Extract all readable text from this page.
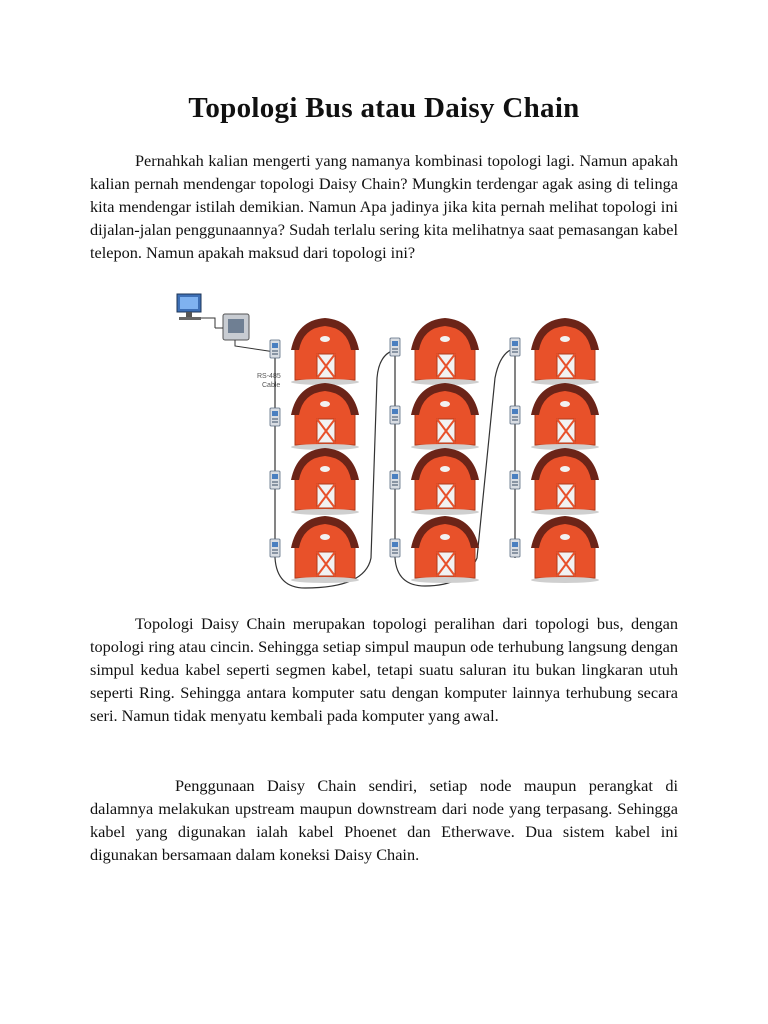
Topologi Bus atau Daisy Chain

Pernahkah kalian mengerti yang namanya kombinasi topologi lagi. Namun apakah kalian pernah mendengar topologi Daisy Chain? Mungkin terdengar agak asing di telinga kita mendengar istilah demikian. Namun Apa jadinya jika kita pernah melihat topologi ini dijalan-jalan penggunaannya? Sudah terlalu sering kita melihatnya saat pemasangan kabel telepon. Namun apakah maksud dari topologi ini?

RS-485
Cable

Topologi Daisy Chain merupakan topologi peralihan dari topologi bus, dengan topologi ring atau cincin. Sehingga setiap simpul maupun ode terhubung langsung dengan simpul kedua kabel seperti segmen kabel, tetapi suatu saluran itu bukan lingkaran utuh seperti Ring. Sehingga antara komputer satu dengan komputer lainnya terhubung secara seri. Namun tidak menyatu kembali pada komputer yang awal.

Penggunaan Daisy Chain sendiri, setiap node maupun perangkat di dalamnya melakukan upstream maupun downstream dari node yang terpasang. Sehingga kabel yang digunakan ialah kabel Phoenet dan Etherwave. Dua sistem kabel ini digunakan bersamaan dalam koneksi Daisy Chain.
